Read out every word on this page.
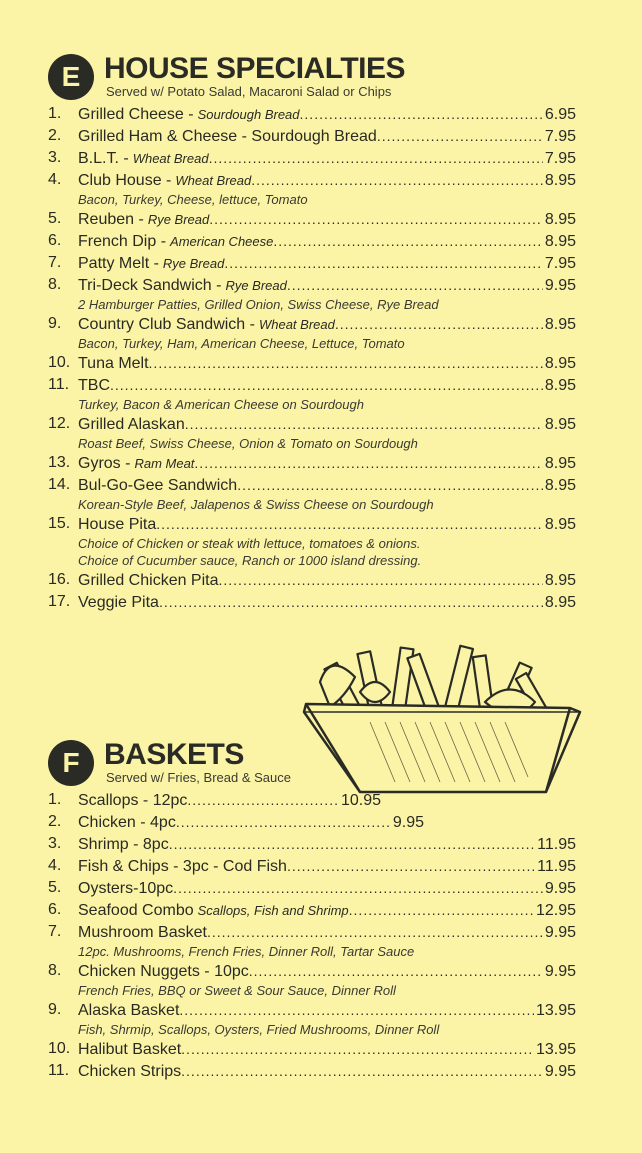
E HOUSE SPECIALTIES
Served w/ Potato Salad, Macaroni Salad or Chips
1. Grilled Cheese - Sourdough Bread .....	6.95
2. Grilled Ham & Cheese - Sourdough Bread .....	7.95
3. B.L.T. - Wheat Bread .....	7.95
4. Club House - Wheat Bread .....	8.95
Bacon, Turkey, Cheese, lettuce, Tomato
5. Reuben - Rye Bread .....	8.95
6. French Dip - American Cheese .....	8.95
7. Patty Melt - Rye Bread .....	7.95
8. Tri-Deck Sandwich - Rye Bread .....	9.95
2 Hamburger Patties, Grilled Onion, Swiss Cheese, Rye Bread
9. Country Club Sandwich - Wheat Bread .....	8.95
Bacon, Turkey, Ham, American Cheese, Lettuce, Tomato
10. Tuna Melt .....	8.95
11. TBC .....	8.95
Turkey, Bacon & American Cheese on Sourdough
12. Grilled Alaskan .....	8.95
Roast Beef, Swiss Cheese, Onion & Tomato on Sourdough
13. Gyros - Ram Meat .....	8.95
14. Bul-Go-Gee Sandwich .....	8.95
Korean-Style Beef, Jalapenos & Swiss Cheese on Sourdough
15. House Pita .....	8.95
Choice of Chicken or steak with lettuce, tomatoes & onions.
Choice of Cucumber sauce, Ranch or 1000 island dressing.
16. Grilled Chicken Pita .....	8.95
17. Veggie Pita .....	8.95
F BASKETS
Served w/ Fries, Bread & Sauce
1. Scallops - 12pc .....	10.95
2. Chicken - 4pc .....	9.95
3. Shrimp - 8pc .....	11.95
4. Fish & Chips - 3pc - Cod Fish .....	11.95
5. Oysters-10pc .....	9.95
6. Seafood Combo Scallops, Fish and Shrimp .....	12.95
7. Mushroom Basket .....	9.95
12pc. Mushrooms, French Fries, Dinner Roll, Tartar Sauce
8. Chicken Nuggets - 10pc .....	9.95
French Fries, BBQ or Sweet & Sour Sauce, Dinner Roll
9. Alaska Basket .....	13.95
Fish, Shrmip, Scallops, Oysters, Fried Mushrooms, Dinner Roll
10. Halibut Basket .....	13.95
11. Chicken Strips .....	9.95
